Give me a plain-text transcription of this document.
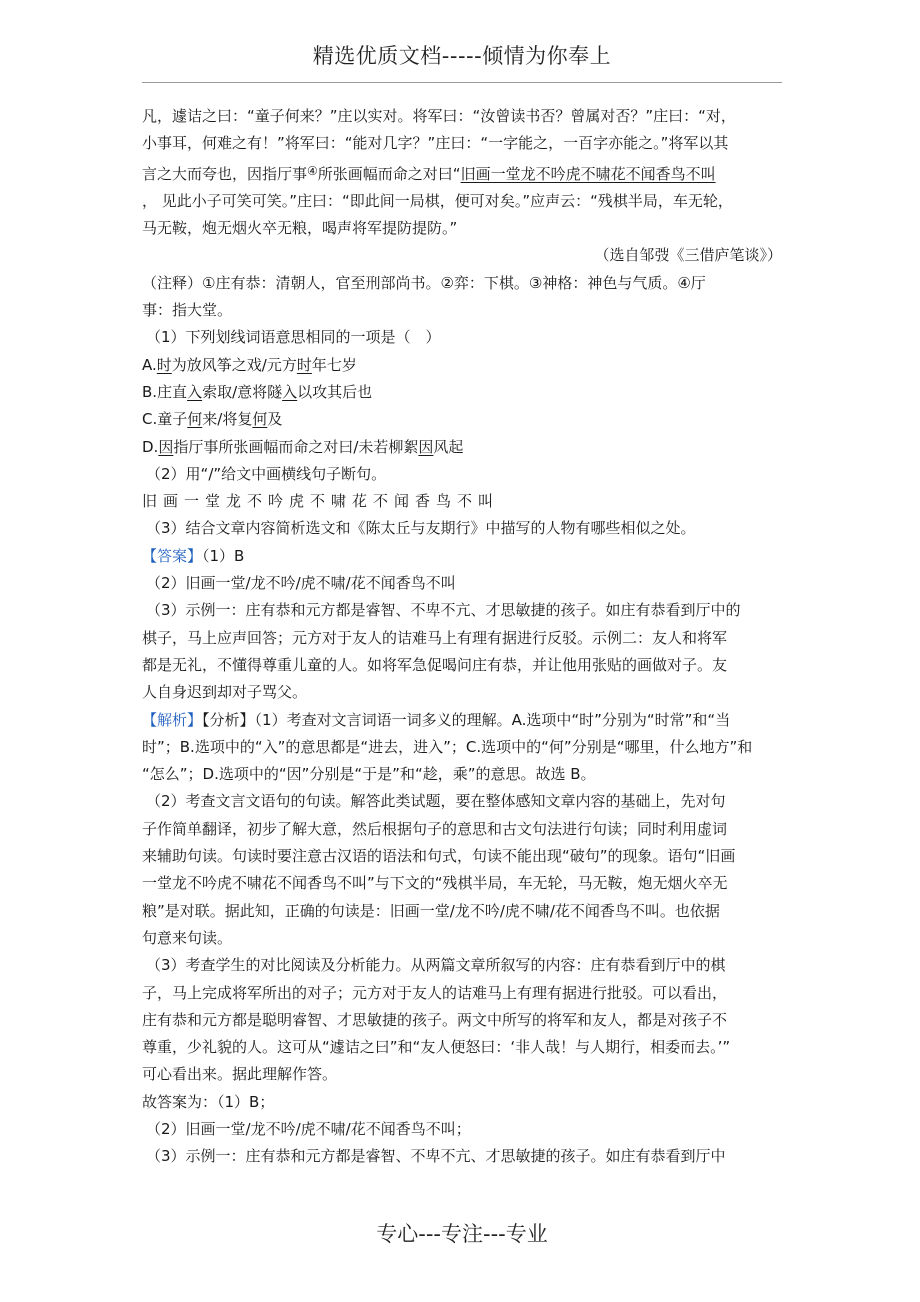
精选优质文档-----倾情为你奉上

凡，遽诘之曰：“童子何来？”庄以实对。将军曰：“汝曾读书否？曾属对否？”庄曰：“对，

小事耳，何难之有！”将军曰：“能对几字？”庄曰：“一字能之，一百字亦能之。”将军以其

言之大而夸也，因指厅事④所张画幅而命之对曰“旧画一堂龙不吟虎不啸花不闻香鸟不叫

， 见此小子可笑可笑。”庄曰：“即此间一局棋，便可对矣。”应声云：“残棋半局，车无轮，

马无鞍，炮无烟火卒无粮，喝声将军提防提防。”

（选自邹弢《三借庐笔谈》）

（注释）①庄有恭：清朝人，官至刑部尚书。②弈：下棋。③神格：神色与气质。④厅

事：指大堂。

（1）下列划线词语意思相同的一项是（　）

A.时为放风筝之戏/元方时年七岁

B.庄直入索取/意将隧入以攻其后也

C.童子何来/将复何及

D.因指厅事所张画幅而命之对曰/未若柳絮因风起

（2）用“/”给文中画横线句子断句。

旧画一堂龙不吟虎不啸花不闻香鸟不叫

（3）结合文章内容简析选文和《陈太丘与友期行》中描写的人物有哪些相似之处。

【答案】（1）B

（2）旧画一堂/龙不吟/虎不啸/花不闻香鸟不叫

（3）示例一：庄有恭和元方都是睿智、不卑不亢、才思敏捷的孩子。如庄有恭看到厅中的

棋子，马上应声回答；元方对于友人的诘难马上有理有据进行反驳。示例二：友人和将军

都是无礼，不懂得尊重儿童的人。如将军急促喝问庄有恭，并让他用张贴的画做对子。友

人自身迟到却对子骂父。

【解析】【分析】（1）考查对文言词语一词多义的理解。A.选项中“时”分别为“时常”和“当

时”；B.选项中的“入”的意思都是“进去，进入”；C.选项中的“何”分别是“哪里，什么地方”和

“怎么”；D.选项中的“因”分别是“于是”和“趁，乘”的意思。故选 B。

（2）考查文言文语句的句读。解答此类试题，要在整体感知文章内容的基础上，先对句

子作简单翻译，初步了解大意，然后根据句子的意思和古文句法进行句读；同时利用虚词

来辅助句读。句读时要注意古汉语的语法和句式，句读不能出现“破句”的现象。语句“旧画

一堂龙不吟虎不啸花不闻香鸟不叫”与下文的“残棋半局，车无轮，马无鞍，炮无烟火卒无

粮”是对联。据此知，正确的句读是：旧画一堂/龙不吟/虎不啸/花不闻香鸟不叫。也依据

句意来句读。

（3）考查学生的对比阅读及分析能力。从两篇文章所叙写的内容：庄有恭看到厅中的棋

子，马上完成将军所出的对子；元方对于友人的诘难马上有理有据进行批驳。可以看出，

庄有恭和元方都是聪明睿智、才思敏捷的孩子。两文中所写的将军和友人，都是对孩子不

尊重，少礼貌的人。这可从“遽诘之曰”和“友人便怒曰：‘非人哉！与人期行，相委而去。’”

可心看出来。据此理解作答。

故答案为：（1）B；

（2）旧画一堂/龙不吟/虎不啸/花不闻香鸟不叫；

（3）示例一：庄有恭和元方都是睿智、不卑不亢、才思敏捷的孩子。如庄有恭看到厅中

专心---专注---专业
